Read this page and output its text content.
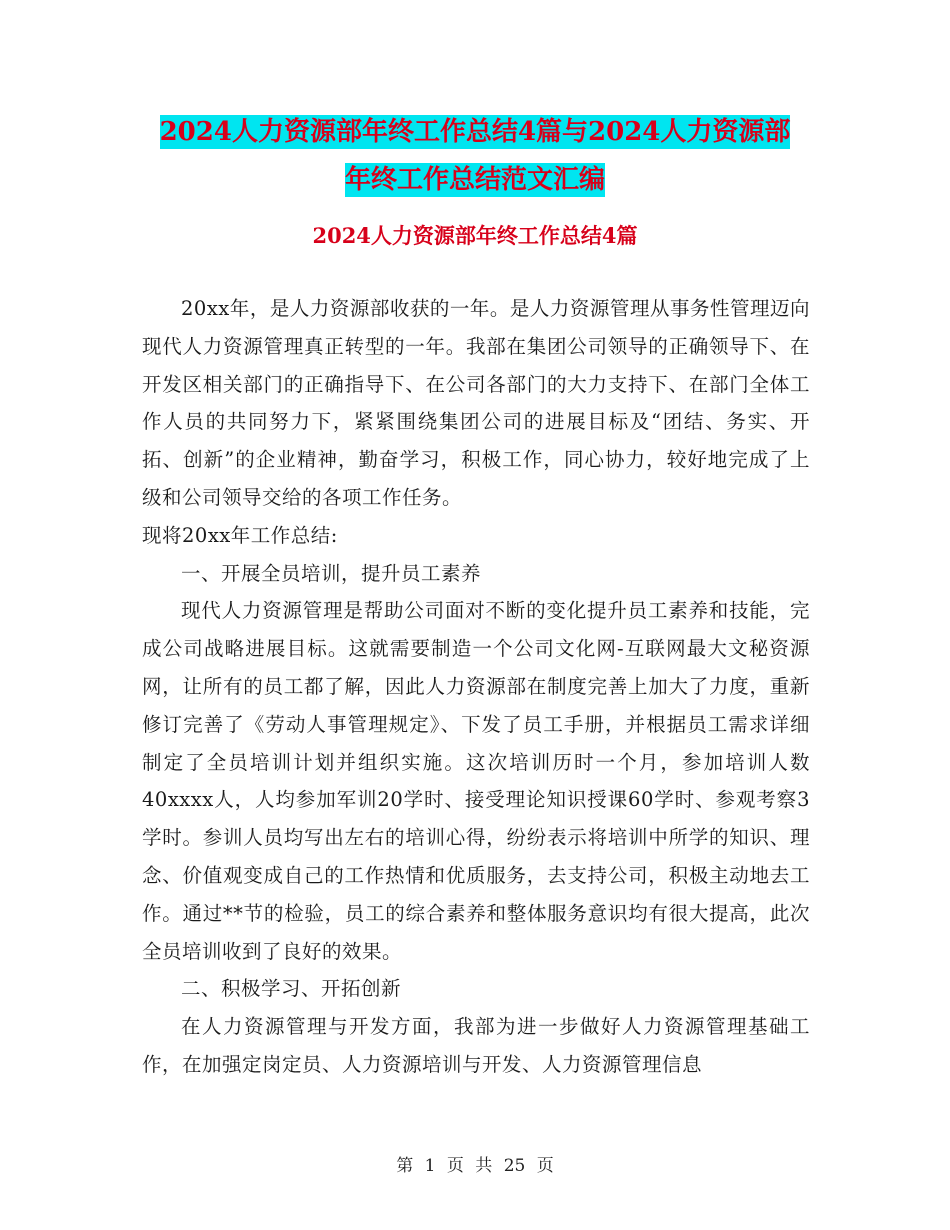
2024人力资源部年终工作总结4篇与2024人力资源部
年终工作总结范文汇编
2024人力资源部年终工作总结4篇

20xx年，是人力资源部收获的一年。是人力资源管理从事务性管理迈向现代人力资源管理真正转型的一年。我部在集团公司领导的正确领导下、在开发区相关部门的正确指导下、在公司各部门的大力支持下、在部门全体工作人员的共同努力下，紧紧围绕集团公司的进展目标及“团结、务实、开拓、创新”的企业精神，勤奋学习，积极工作，同心协力，较好地完成了上级和公司领导交给的各项工作任务。

现将20xx年工作总结:

一、开展全员培训，提升员工素养

现代人力资源管理是帮助公司面对不断的变化提升员工素养和技能，完成公司战略进展目标。这就需要制造一个公司文化网-互联网最大文秘资源网，让所有的员工都了解，因此人力资源部在制度完善上加大了力度，重新修订完善了《劳动人事管理规定》、下发了员工手册，并根据员工需求详细制定了全员培训计划并组织实施。这次培训历时一个月，参加培训人数40xxxx人，人均参加军训20学时、接受理论知识授课60学时、参观考察3学时。参训人员均写出左右的培训心得，纷纷表示将培训中所学的知识、理念、价值观变成自己的工作热情和优质服务，去支持公司，积极主动地去工作。通过**节的检验，员工的综合素养和整体服务意识均有很大提高，此次全员培训收到了良好的效果。

二、积极学习、开拓创新

在人力资源管理与开发方面，我部为进一步做好人力资源管理基础工作，在加强定岗定员、人力资源培训与开发、人力资源管理信息

第 1 页 共 25 页
